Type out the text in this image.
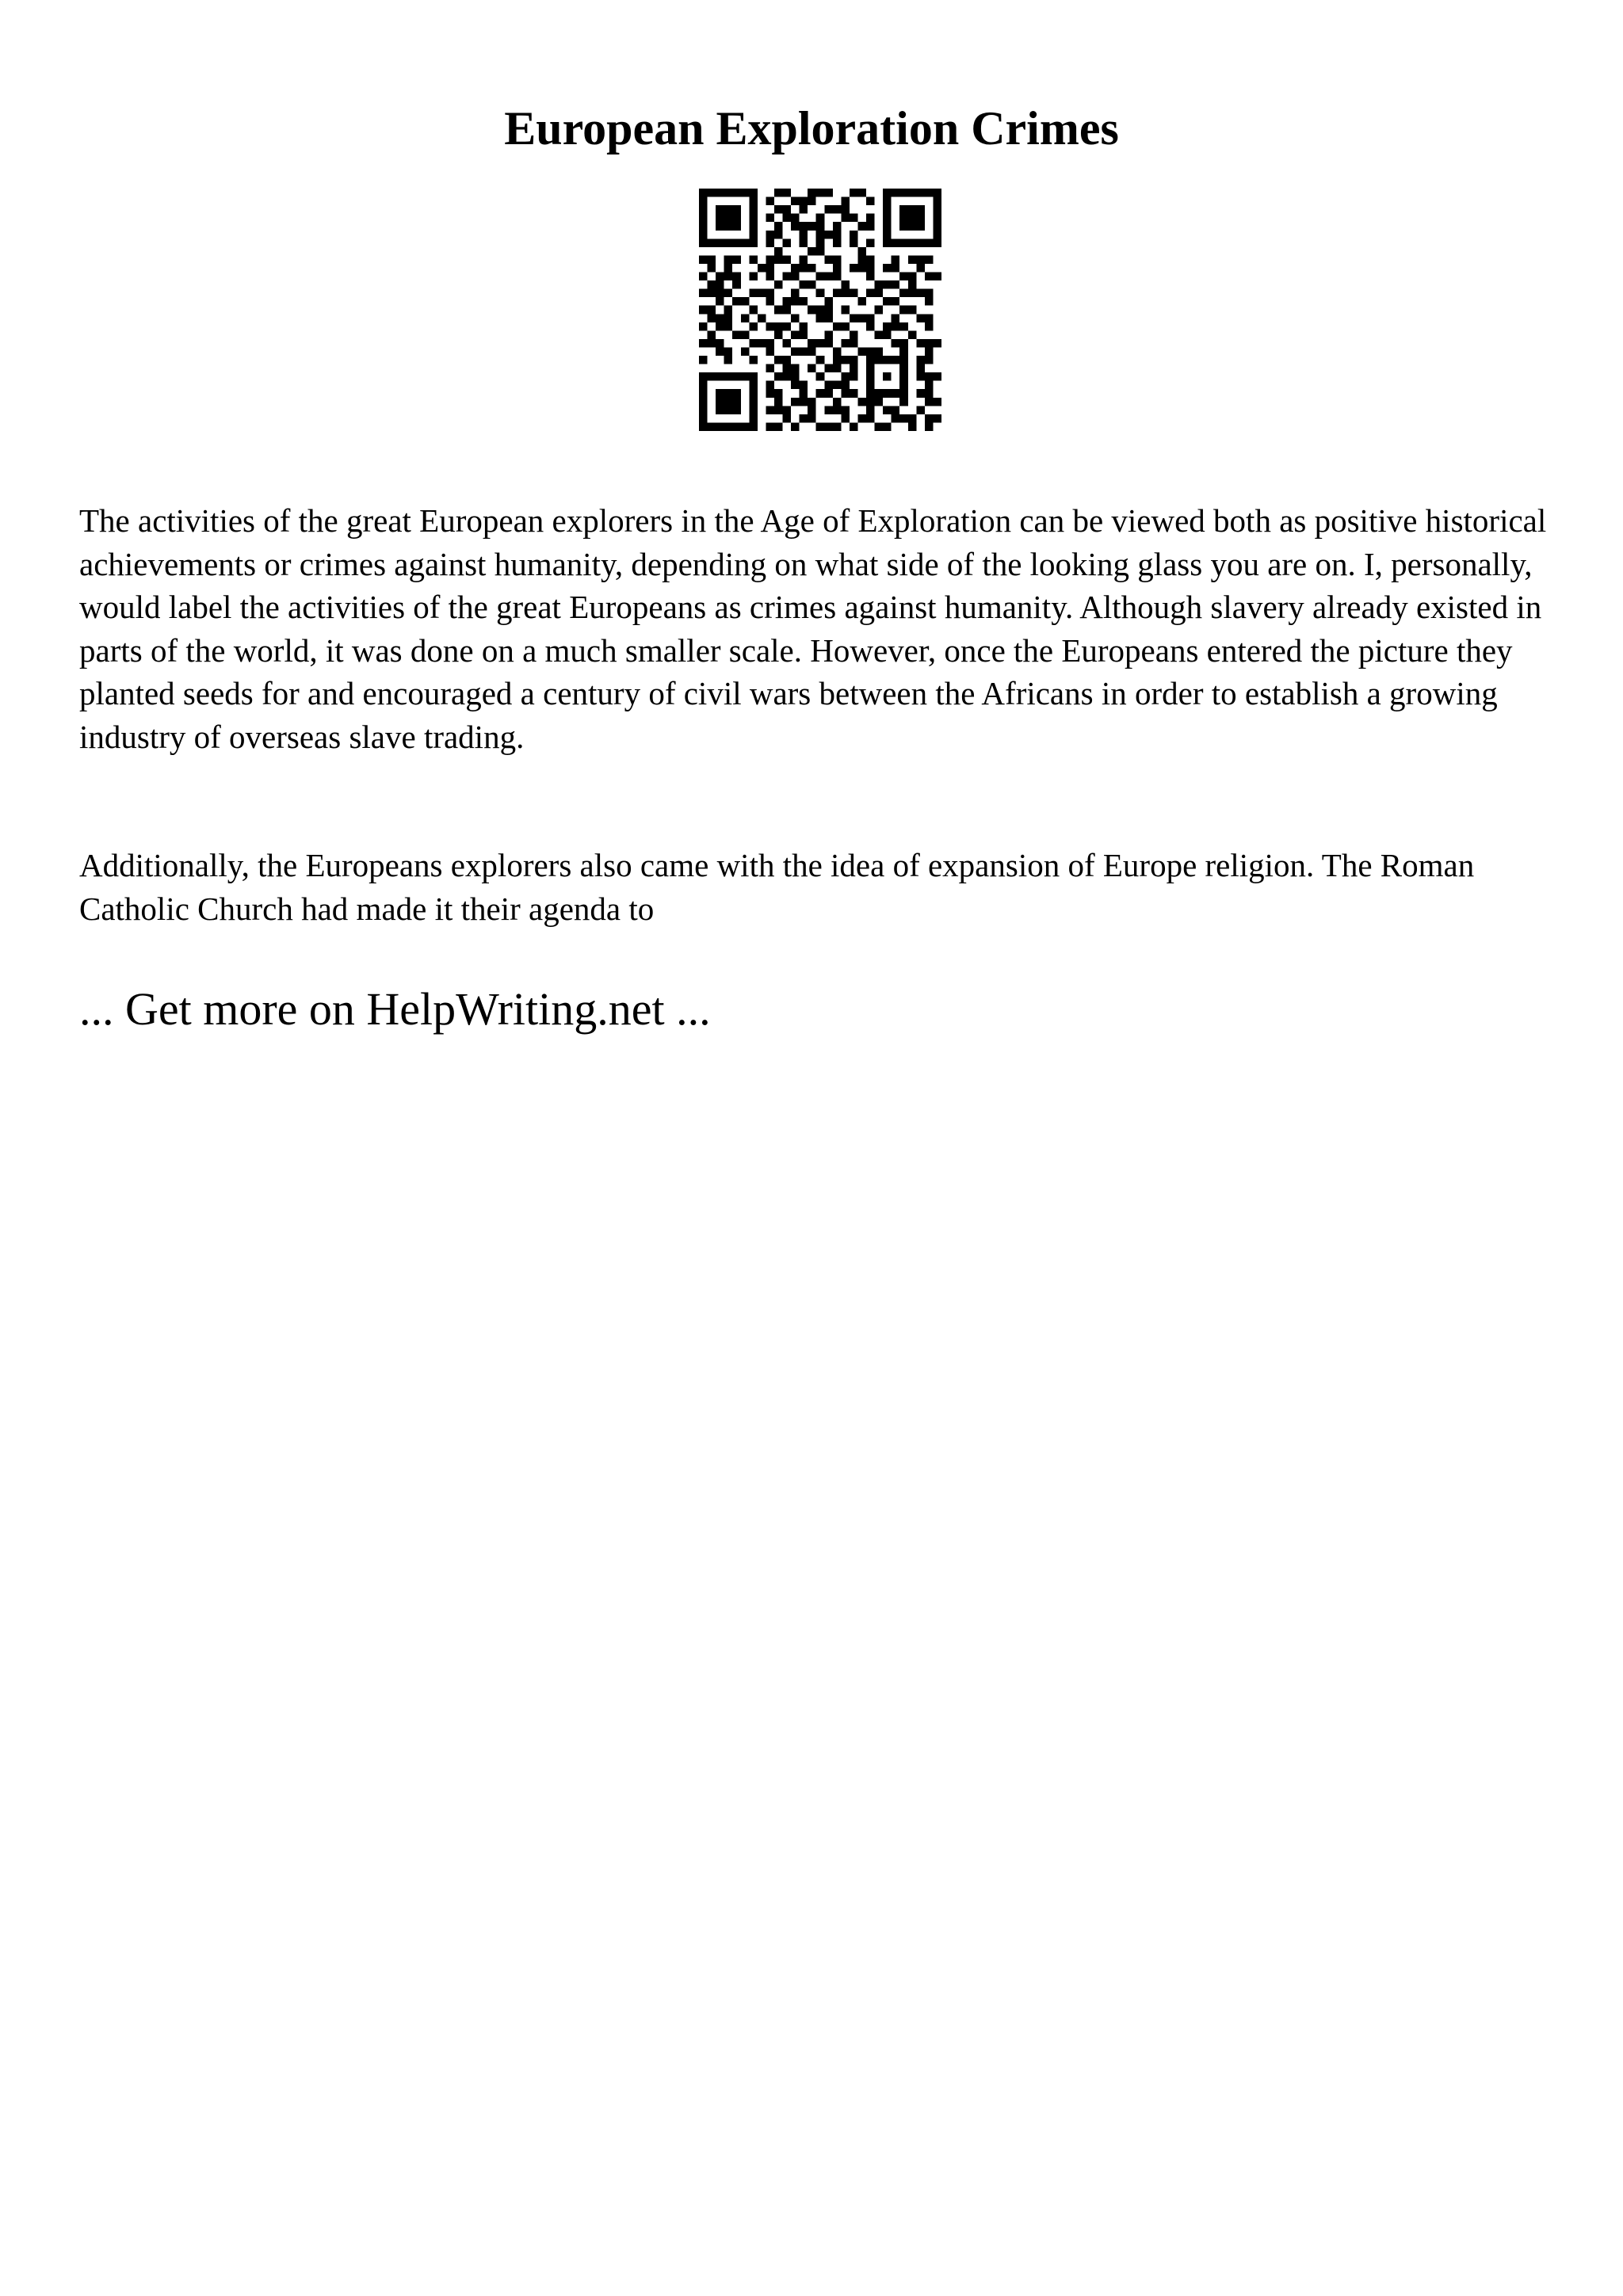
European Exploration Crimes

The activities of the great European explorers in the Age of Exploration can be viewed both as positive historical achievements or crimes against humanity, depending on what side of the looking glass you are on. I, personally, would label the activities of the great Europeans as crimes against humanity. Although slavery already existed in parts of the world, it was done on a much smaller scale. However, once the Europeans entered the picture they planted seeds for and encouraged a century of civil wars between the Africans in order to establish a growing industry of overseas slave trading.

Additionally, the Europeans explorers also came with the idea of expansion of Europe religion. The Roman Catholic Church had made it their agenda to

... Get more on HelpWriting.net ...
